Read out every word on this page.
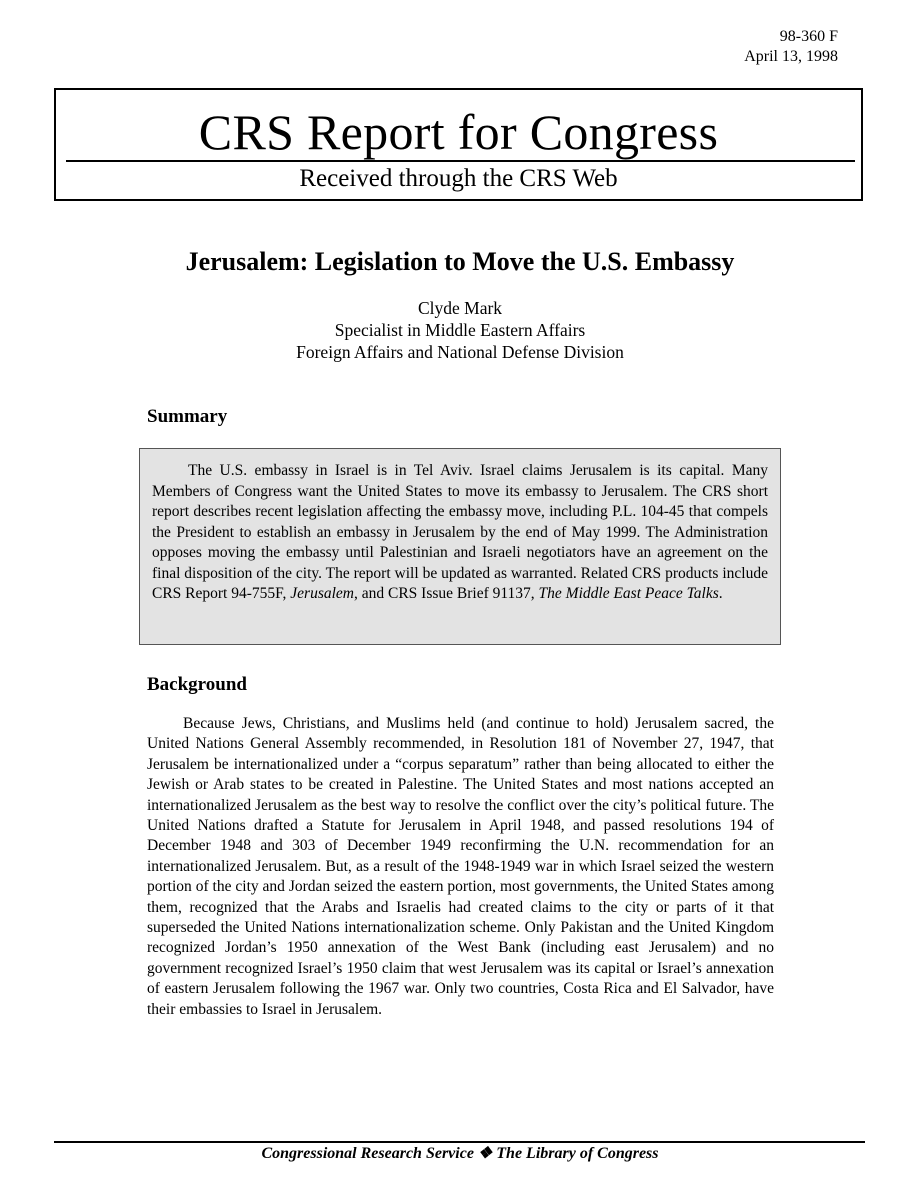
98-360 F
April 13, 1998
CRS Report for Congress
Received through the CRS Web
Jerusalem: Legislation to Move the U.S. Embassy
Clyde Mark
Specialist in Middle Eastern Affairs
Foreign Affairs and National Defense Division
Summary

The U.S. embassy in Israel is in Tel Aviv. Israel claims Jerusalem is its capital. Many Members of Congress want the United States to move its embassy to Jerusalem. The CRS short report describes recent legislation affecting the embassy move, including P.L. 104-45 that compels the President to establish an embassy in Jerusalem by the end of May 1999. The Administration opposes moving the embassy until Palestinian and Israeli negotiators have an agreement on the final disposition of the city. The report will be updated as warranted. Related CRS products include CRS Report 94-755F, Jerusalem, and CRS Issue Brief 91137, The Middle East Peace Talks.

Background

Because Jews, Christians, and Muslims held (and continue to hold) Jerusalem sacred, the United Nations General Assembly recommended, in Resolution 181 of November 27, 1947, that Jerusalem be internationalized under a “corpus separatum” rather than being allocated to either the Jewish or Arab states to be created in Palestine. The United States and most nations accepted an internationalized Jerusalem as the best way to resolve the conflict over the city’s political future. The United Nations drafted a Statute for Jerusalem in April 1948, and passed resolutions 194 of December 1948 and 303 of December 1949 reconfirming the U.N. recommendation for an internationalized Jerusalem. But, as a result of the 1948-1949 war in which Israel seized the western portion of the city and Jordan seized the eastern portion, most governments, the United States among them, recognized that the Arabs and Israelis had created claims to the city or parts of it that superseded the United Nations internationalization scheme. Only Pakistan and the United Kingdom recognized Jordan’s 1950 annexation of the West Bank (including east Jerusalem) and no government recognized Israel’s 1950 claim that west Jerusalem was its capital or Israel’s annexation of eastern Jerusalem following the 1967 war. Only two countries, Costa Rica and El Salvador, have their embassies to Israel in Jerusalem.

Congressional Research Service ❖ The Library of Congress
